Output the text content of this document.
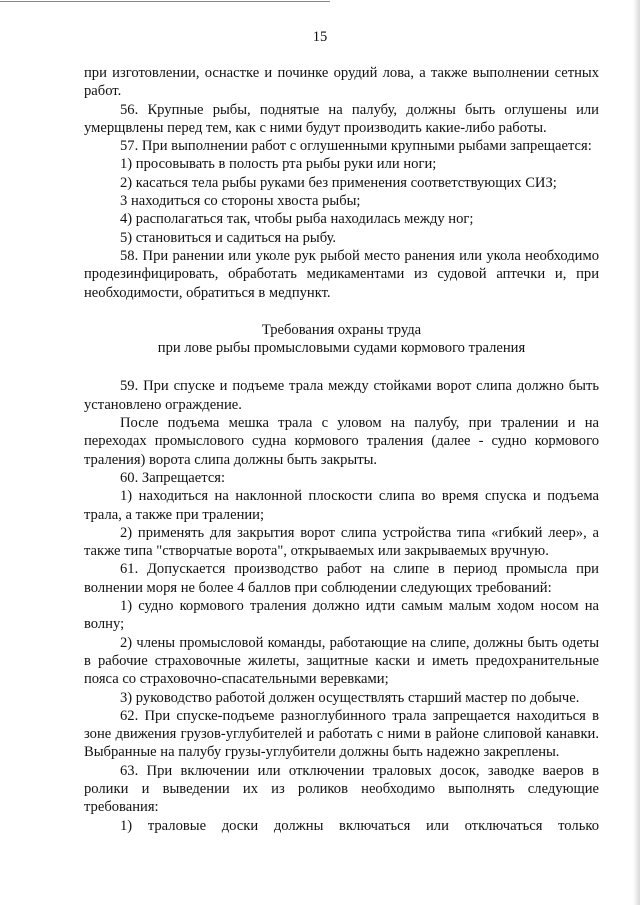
15

при изготовлении, оснастке и починке орудий лова, а также выполнении сетных работ.

56. Крупные рыбы, поднятые на палубу, должны быть оглушены или умерщвлены перед тем, как с ними будут производить какие-либо работы.

57. При выполнении работ с оглушенными крупными рыбами запрещается:

1) просовывать в полость рта рыбы руки или ноги;

2) касаться тела рыбы руками без применения соответствующих СИЗ;

3 находиться со стороны хвоста рыбы;

4) располагаться так, чтобы рыба находилась между ног;

5) становиться и садиться на рыбу.

58. При ранении или уколе рук рыбой место ранения или укола необходимо продезинфицировать, обработать медикаментами из судовой аптечки и, при необходимости, обратиться в медпункт.

Требования охраны труда
при лове рыбы промысловыми судами кормового траления

59. При спуске и подъеме трала между стойками ворот слипа должно быть установлено ограждение.

После подъема мешка трала с уловом на палубу, при тралении и на переходах промыслового судна кормового траления (далее - судно кормового траления) ворота слипа должны быть закрыты.

60. Запрещается:

1) находиться на наклонной плоскости слипа во время спуска и подъема трала, а также при тралении;

2) применять для закрытия ворот слипа устройства типа «гибкий леер», а также типа "створчатые ворота", открываемых или закрываемых вручную.

61. Допускается производство работ на слипе в период промысла при волнении моря не более 4 баллов при соблюдении следующих требований:

1) судно кормового траления должно идти самым малым ходом носом на волну;

2) члены промысловой команды, работающие на слипе, должны быть одеты в рабочие страховочные жилеты, защитные каски и иметь предохранительные пояса со страховочно-спасательными веревками;

3) руководство работой должен осуществлять старший мастер по добыче.

62. При спуске-подъеме разноглубинного трала запрещается находиться в зоне движения грузов-углубителей и работать с ними в районе слиповой канавки. Выбранные на палубу грузы-углубители должны быть надежно закреплены.

63. При включении или отключении траловых досок, заводке ваеров в ролики и выведении их из роликов необходимо выполнять следующие требования:

1) траловые доски должны включаться или отключаться только
